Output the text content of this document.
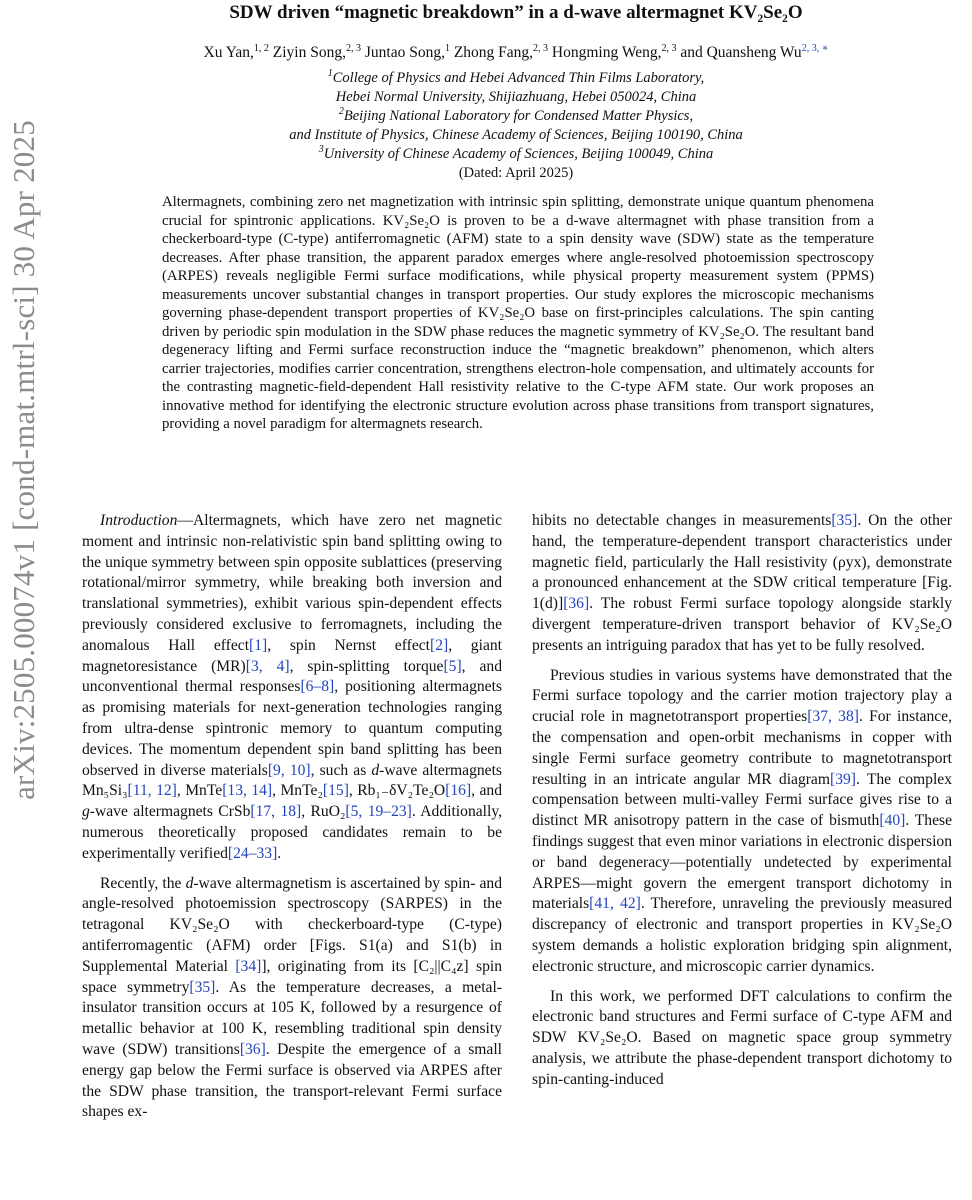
arXiv:2505.00074v1 [cond-mat.mtrl-sci] 30 Apr 2025
SDW driven “magnetic breakdown” in a d-wave altermagnet KV₂Se₂O
Xu Yan,$^{1, 2}$ Ziyin Song,$^{2, 3}$ Juntao Song,$^1$ Zhong Fang,$^{2, 3}$ Hongming Weng,$^{2, 3}$ and Quansheng $Wu^{2, 3, ∗}$
$^1$College of Physics and Hebei Advanced Thin Films Laboratory,
Hebei Normal University, Shijiazhuang, Hebei 050024, China
$^2$Beijing National Laboratory for Condensed Matter Physics,
and Institute of Physics, Chinese Academy of Sciences, Beijing 100190, China
$^3$University of Chinese Academy of Sciences, Beijing 100049, China
(Dated: April 2025)

Altermagnets, combining zero net magnetization with intrinsic spin splitting, demonstrate unique quantum phenomena crucial for spintronic applications. KV₂Se₂O is proven to be a d-wave altermagnet with phase transition from a checkerboard-type (C-type) antiferromagnetic (AFM) state to a spin density wave (SDW) state as the temperature decreases. After phase transition, the apparent paradox emerges where angle-resolved photoemission spectroscopy (ARPES) reveals negligible Fermi surface modifications, while physical property measurement system (PPMS) measurements uncover substantial changes in transport properties. Our study explores the microscopic mechanisms governing phase-dependent transport properties of KV₂Se₂O base on first-principles calculations. The spin canting driven by periodic spin modulation in the SDW phase reduces the magnetic symmetry of KV₂Se₂O. The resultant band degeneracy lifting and Fermi surface reconstruction induce the “magnetic breakdown” phenomenon, which alters carrier trajectories, modifies carrier concentration, strengthens electron-hole compensation, and ultimately accounts for the contrasting magnetic-field-dependent Hall resistivity relative to the C-type AFM state. Our work proposes an innovative method for identifying the electronic structure evolution across phase transitions from transport signatures, providing a novel paradigm for altermagnets research.

Introduction—Altermagnets, which have zero net magnetic moment and intrinsic non-relativistic spin band splitting owing to the unique symmetry between spin opposite sublattices (preserving rotational/mirror symmetry, while breaking both inversion and translational symmetries), exhibit various spin-dependent effects previously considered exclusive to ferromagnets, including the anomalous Hall effect[1], spin Nernst effect[2], giant magnetoresistance (MR)[3, 4], spin-splitting torque[5], and unconventional thermal responses[6–8], positioning altermagnets as promising materials for next-generation technologies ranging from ultra-dense spintronic memory to quantum computing devices. The momentum dependent spin band splitting has been observed in diverse materials[9, 10], such as d-wave altermagnets Mn₅Si₃[11, 12], MnTe[13, 14], MnTe₂[15], Rb₁₋δV₂Te₂O[16], and g-wave altermagnets CrSb[17, 18], RuO₂[5, 19–23]. Additionally, numerous theoretically proposed candidates remain to be experimentally verified[24–33].

Recently, the d-wave altermagnetism is ascertained by spin- and angle-resolved photoemission spectroscopy (SARPES) in the tetragonal KV₂Se₂O with checkerboard-type (C-type) antiferromagentic (AFM) order [Figs. S1(a) and S1(b) in Supplemental Material [34]], originating from its [C₂||C₄z] spin space symmetry[35]. As the temperature decreases, a metal-insulator transition occurs at 105 K, followed by a resurgence of metallic behavior at 100 K, resembling traditional spin density wave (SDW) transitions[36]. Despite the emergence of a small energy gap below the Fermi surface is observed via ARPES after the SDW phase transition, the transport-relevant Fermi surface shapes ex-

hibits no detectable changes in measurements[35]. On the other hand, the temperature-dependent transport characteristics under magnetic field, particularly the Hall resistivity (ρyx), demonstrate a pronounced enhancement at the SDW critical temperature [Fig. 1(d)][36]. The robust Fermi surface topology alongside starkly divergent temperature-driven transport behavior of KV₂Se₂O presents an intriguing paradox that has yet to be fully resolved.

Previous studies in various systems have demonstrated that the Fermi surface topology and the carrier motion trajectory play a crucial role in magnetotransport properties[37, 38]. For instance, the compensation and open-orbit mechanisms in copper with single Fermi surface geometry contribute to magnetotransport resulting in an intricate angular MR diagram[39]. The complex compensation between multi-valley Fermi surface gives rise to a distinct MR anisotropy pattern in the case of bismuth[40]. These findings suggest that even minor variations in electronic dispersion or band degeneracy—potentially undetected by experimental ARPES—might govern the emergent transport dichotomy in materials[41, 42]. Therefore, unraveling the previously measured discrepancy of electronic and transport properties in KV₂Se₂O system demands a holistic exploration bridging spin alignment, electronic structure, and microscopic carrier dynamics.

In this work, we performed DFT calculations to confirm the electronic band structures and Fermi surface of C-type AFM and SDW KV₂Se₂O. Based on magnetic space group symmetry analysis, we attribute the phase-dependent transport dichotomy to spin-canting-induced
